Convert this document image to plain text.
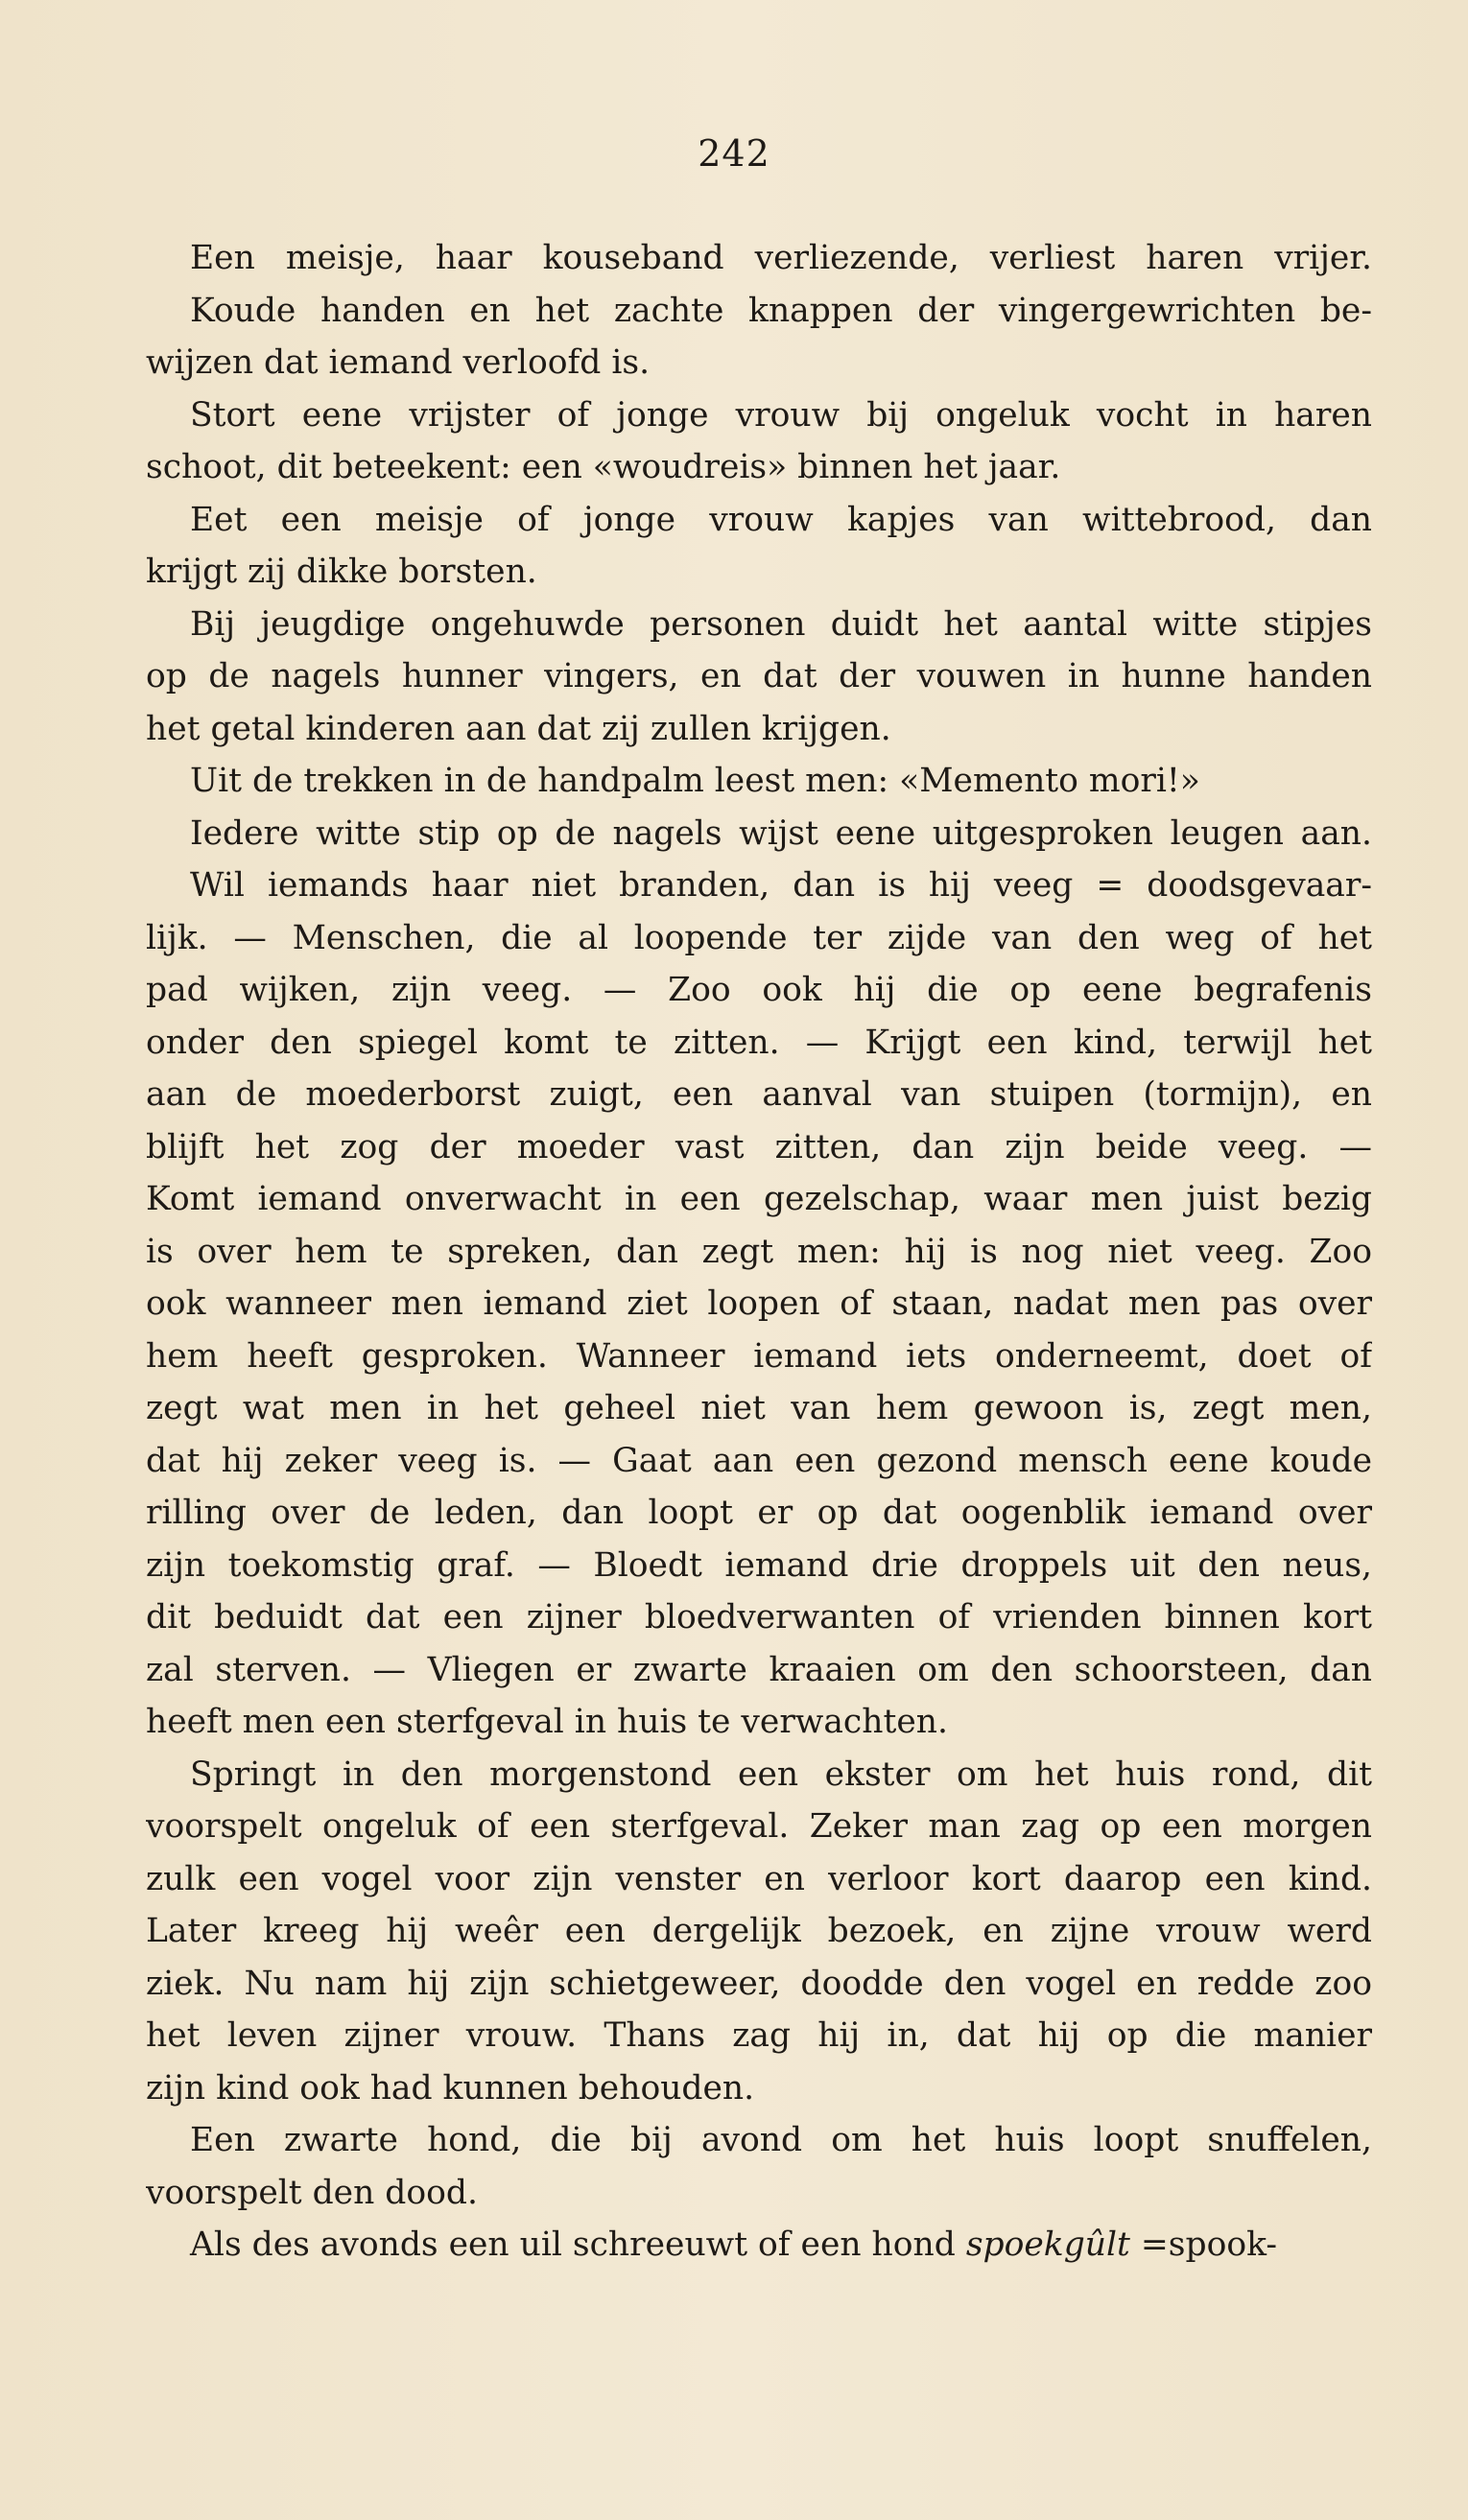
242
Een meisje, haar kouseband verliezende, verliest haren vrijer.
Koude handen en het zachte knappen der vingergewrichten be-
wijzen dat iemand verloofd is.
Stort eene vrijster of jonge vrouw bij ongeluk vocht in haren
schoot, dit beteekent: een «woudreis» binnen het jaar.
Eet een meisje of jonge vrouw kapjes van wittebrood, dan
krijgt zij dikke borsten.
Bij jeugdige ongehuwde personen duidt het aantal witte stipjes
op de nagels hunner vingers, en dat der vouwen in hunne handen
het getal kinderen aan dat zij zullen krijgen.
Uit de trekken in de handpalm leest men: «Memento mori!»
Iedere witte stip op de nagels wijst eene uitgesproken leugen aan.
Wil iemands haar niet branden, dan is hij veeg = doodsgevaar-
lijk. — Menschen, die al loopende ter zijde van den weg of het
pad wijken, zijn veeg. — Zoo ook hij die op eene begrafenis
onder den spiegel komt te zitten. — Krijgt een kind, terwijl het
aan de moederborst zuigt, een aanval van stuipen (tormijn), en
blijft het zog der moeder vast zitten, dan zijn beide veeg. —
Komt iemand onverwacht in een gezelschap, waar men juist bezig
is over hem te spreken, dan zegt men: hij is nog niet veeg. Zoo
ook wanneer men iemand ziet loopen of staan, nadat men pas over
hem heeft gesproken. Wanneer iemand iets onderneemt, doet of
zegt wat men in het geheel niet van hem gewoon is, zegt men,
dat hij zeker veeg is. — Gaat aan een gezond mensch eene koude
rilling over de leden, dan loopt er op dat oogenblik iemand over
zijn toekomstig graf. — Bloedt iemand drie droppels uit den neus,
dit beduidt dat een zijner bloedverwanten of vrienden binnen kort
zal sterven. — Vliegen er zwarte kraaien om den schoorsteen, dan
heeft men een sterfgeval in huis te verwachten.
Springt in den morgenstond een ekster om het huis rond, dit
voorspelt ongeluk of een sterfgeval. Zeker man zag op een morgen
zulk een vogel voor zijn venster en verloor kort daarop een kind.
Later kreeg hij weêr een dergelijk bezoek, en zijne vrouw werd
ziek. Nu nam hij zijn schietgeweer, doodde den vogel en redde zoo
het leven zijner vrouw. Thans zag hij in, dat hij op die manier
zijn kind ook had kunnen behouden.
Een zwarte hond, die bij avond om het huis loopt snuffelen,
voorspelt den dood.
Als des avonds een uil schreeuwt of een hond spoekgûlt =spook-
